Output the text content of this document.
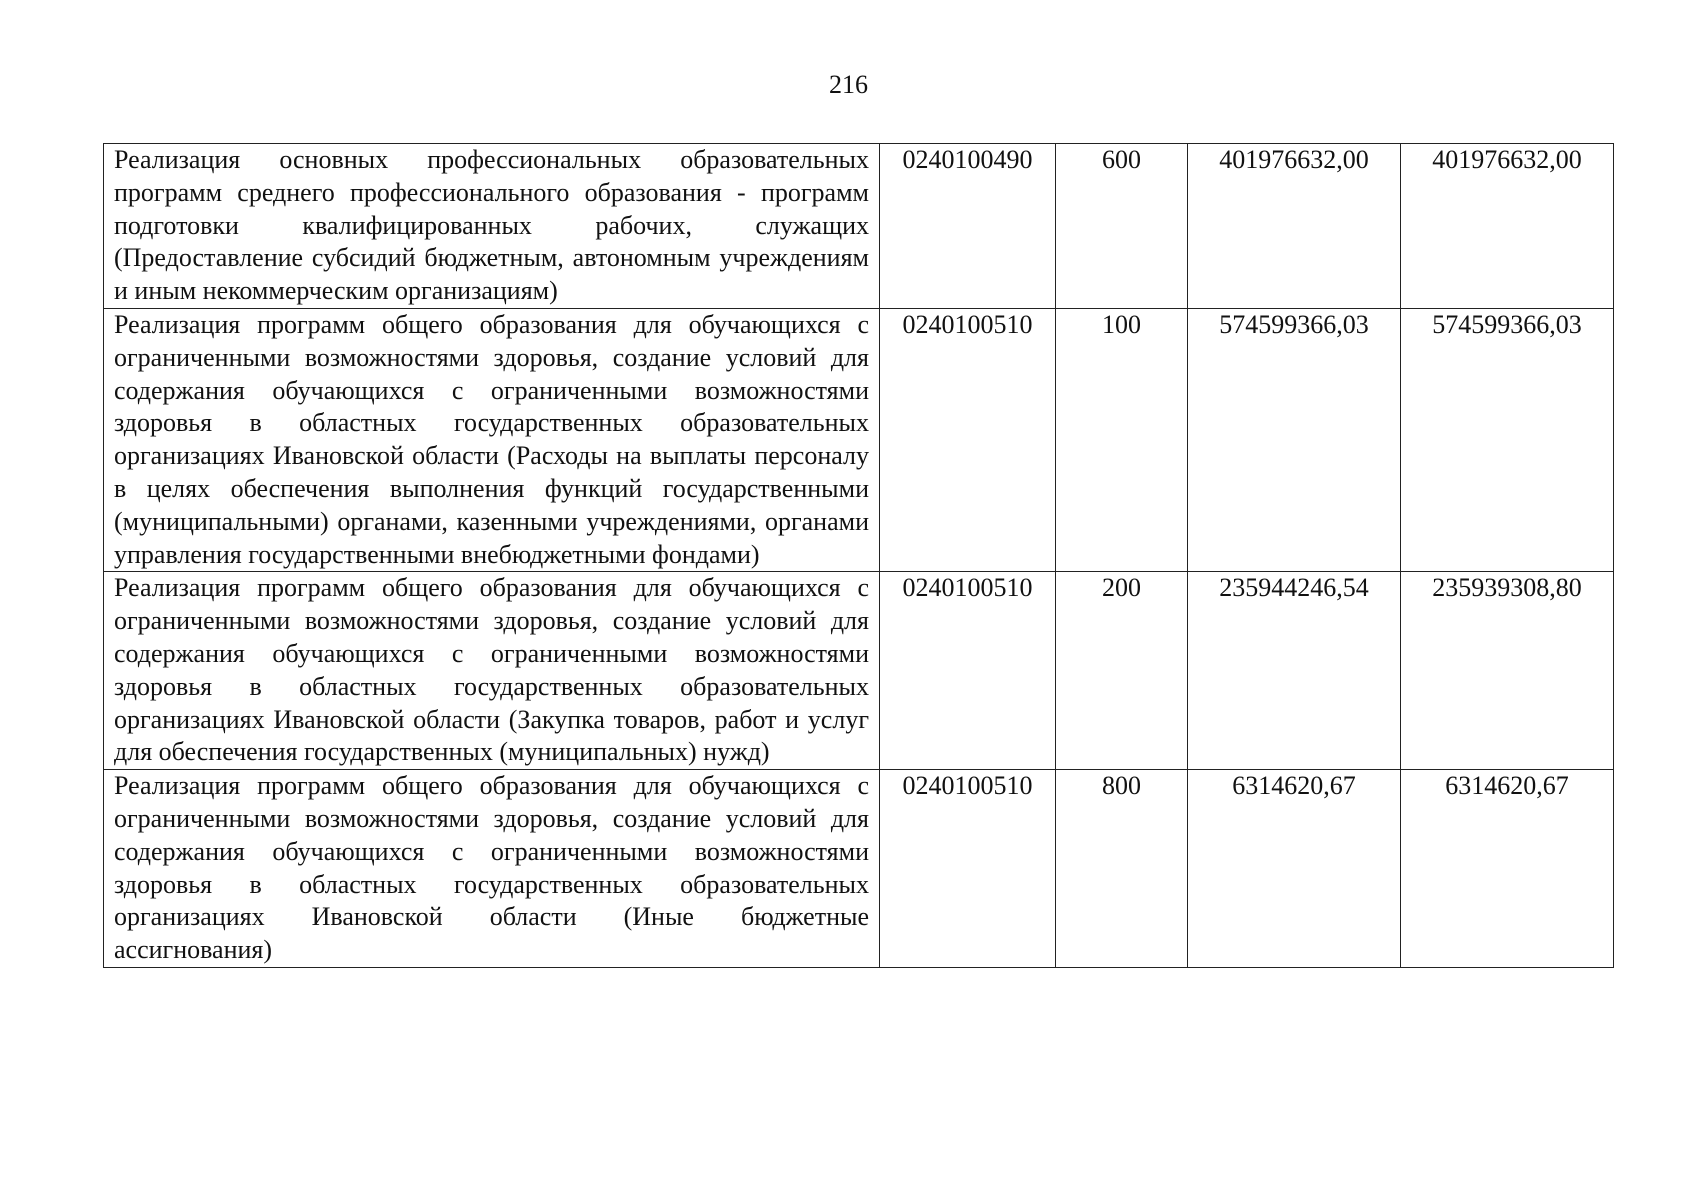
216
Реализация основных профессиональных образовательных программ среднего профессионального образования - программ подготовки квалифицированных рабочих, служащих (Предоставление субсидий бюджетным, автономным учреждениям и иным некоммерческим организациям)	0240100490	600	401976632,00	401976632,00
Реализация программ общего образования для обучающихся с ограниченными возможностями здоровья, создание условий для содержания обучающихся с ограниченными возможностями здоровья в областных государственных образовательных организациях Ивановской области (Расходы на выплаты персоналу в целях обеспечения выполнения функций государственными (муниципальными) органами, казенными учреждениями, органами управления государственными внебюджетными фондами)	0240100510	100	574599366,03	574599366,03
Реализация программ общего образования для обучающихся с ограниченными возможностями здоровья, создание условий для содержания обучающихся с ограниченными возможностями здоровья в областных государственных образовательных организациях Ивановской области (Закупка товаров, работ и услуг для обеспечения государственных (муниципальных) нужд)	0240100510	200	235944246,54	235939308,80
Реализация программ общего образования для обучающихся с ограниченными возможностями здоровья, создание условий для содержания обучающихся с ограниченными возможностями здоровья в областных государственных образовательных организациях Ивановской области (Иные бюджетные ассигнования)	0240100510	800	6314620,67	6314620,67
